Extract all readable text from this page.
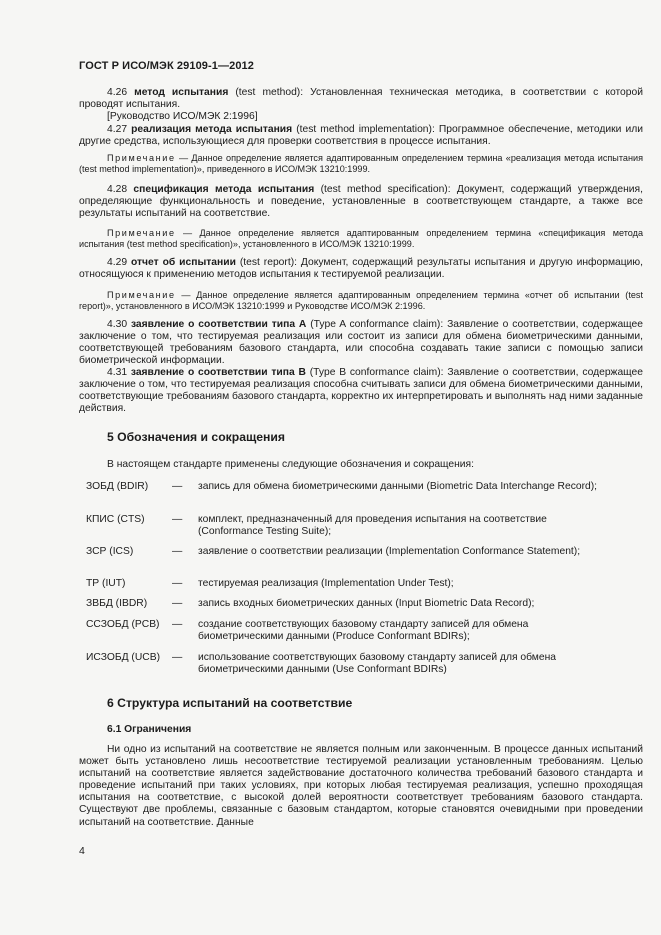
ГОСТ Р ИСО/МЭК 29109-1—2012

4.26 метод испытания (test method): Установленная техническая методика, в соответствии с которой проводят испытания.

[Руководство ИСО/МЭК 2:1996]

4.27 реализация метода испытания (test method implementation): Программное обеспечение, методики или другие средства, использующиеся для проверки соответствия в процессе испытания.

Примечание — Данное определение является адаптированным определением термина «реализация метода испытания (test method implementation)», приведенного в ИСО/МЭК 13210:1999.

4.28 спецификация метода испытания (test method specification): Документ, содержащий утверждения, определяющие функциональность и поведение, установленные в соответствующем стандарте, а также все результаты испытаний на соответствие.

Примечание — Данное определение является адаптированным определением термина «спецификация метода испытания (test method specification)», установленного в ИСО/МЭК 13210:1999.

4.29 отчет об испытании (test report): Документ, содержащий результаты испытания и другую информацию, относящуюся к применению методов испытания к тестируемой реализации.

Примечание — Данное определение является адаптированным определением термина «отчет об испытании (test report)», установленного в ИСО/МЭК 13210:1999 и Руководстве ИСО/МЭК 2:1996.

4.30 заявление о соответствии типа А (Type A conformance claim): Заявление о соответствии, содержащее заключение о том, что тестируемая реализация или состоит из записи для обмена биометрическими данными, соответствующей требованиям базового стандарта, или способна создавать такие записи с помощью записи биометрической информации.

4.31 заявление о соответствии типа В (Type B conformance claim): Заявление о соответствии, содержащее заключение о том, что тестируемая реализация способна считывать записи для обмена биометрическими данными, соответствующие требованиям базового стандарта, корректно их интерпретировать и выполнять над ними заданные действия.

5 Обозначения и сокращения

В настоящем стандарте применены следующие обозначения и сокращения:

ЗОБД (BDIR)	—	запись для обмена биометрическими данными (Biometric Data Interchange Record);
КПИС (CTS)	—	комплект, предназначенный для проведения испытания на соответствие (Conformance Testing Suite);
ЗСР (ICS)	—	заявление о соответствии реализации (Implementation Conformance Statement);
ТР (IUT)	—	тестируемая реализация (Implementation Under Test);
ЗВБД (IBDR)	—	запись входных биометрических данных (Input Biometric Data Record);
ССЗОБД (PCB)	—	создание соответствующих базовому стандарту записей для обмена биометрическими данными (Produce Conformant BDIRs);
ИСЗОБД (UCB)	—	использование соответствующих базовому стандарту записей для обмена биометрическими данными (Use Conformant BDIRs)
6 Структура испытаний на соответствие
6.1 Ограничения

Ни одно из испытаний на соответствие не является полным или законченным. В процессе данных испытаний может быть установлено лишь несоответствие тестируемой реализации установленным требованиям. Целью испытаний на соответствие является задействование достаточного количества требований базового стандарта и проведение испытаний при таких условиях, при которых любая тестируемая реализация, успешно проходящая испытания на соответствие, с высокой долей вероятности соответствует требованиям базового стандарта. Существуют две проблемы, связанные с базовым стандартом, которые становятся очевидными при проведении испытаний на соответствие. Данные

4
